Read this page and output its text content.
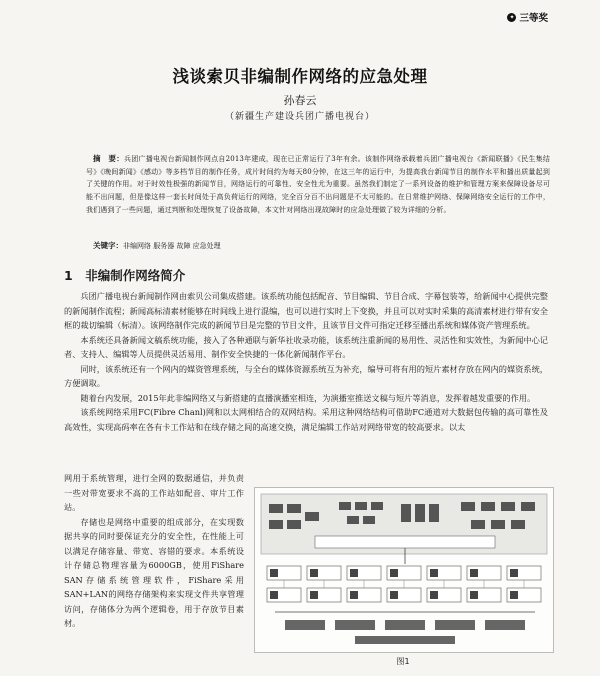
✦ 三等奖
浅谈索贝非编制作网络的应急处理
孙春云
（新疆生产建设兵团广播电视台）
摘　要：兵团广播电视台新闻制作网点自2013年建成，现在已正常运行了3年有余。该制作网络承载着兵团广播电视台《新闻联播》《民生集结号》《晚间新闻》《感动》等多档节目的制作任务，成片时间约为每天80分钟，在这三年的运行中，为提高我台新闻节目的制作水平和播出质量起到了关键的作用。对于时效性极强的新闻节目，网络运行的可靠性、安全性尤为重要。虽然我们制定了一系列设备的维护和管理方案来保障设备尽可能不出问题，但是像这样一套长时间处于高负荷运行的网络，完全百分百不出问题是不太可能的。在日常维护网络、保障网络安全运行的工作中，我们遇到了一些问题，通过判断和处理恢复了设备故障，本文针对网络出现故障时的应急处理做了较为详细的分析。
关键字：非编网络 服务器 故障 应急处理
1　非编制作网络简介

兵团广播电视台新闻制作网由索贝公司集成搭建。该系统功能包括配音、节目编辑、节目合成、字幕包装等，给新闻中心提供完整的新闻制作流程；新闻高标清素材能够在时间线上进行混编，也可以进行实时上下变换，并且可以对实时采集的高清素材进行带有安全框的裁切编辑（标清）。该网络制作完成的新闻节目是完整的节目文件，且该节目文件可指定迁移至播出系统和媒体资产管理系统。

本系统还具备新闻文稿系统功能，接入了各种通联与新华社收录功能，该系统注重新闻的易用性、灵活性和实效性，为新闻中心记者、支持人、编辑等人员提供灵活易用、制作安全快捷的一体化新闻制作平台。

同时，该系统还有一个网内的媒资管理系统，与全台的媒体资源系统互为补充，编导可将有用的短片素材存放在网内的媒资系统，方便调取。

随着台内发展，2015年此非编网络又与新搭建的直播演播室相连，为演播室推送文稿与短片等消息，发挥着越发重要的作用。

该系统网络采用FC(Fibre Chanl)网和以太网相结合的双网结构。采用这种网络结构可借助FC通道对大数据包传输的高可靠性及高效性，实现高码率在各有卡工作站和在线存储之间的高速交换，满足编辑工作站对网络带宽的较高要求。以太

网用于系统管理，进行全网的数据通信，并负责一些对带宽要求不高的工作站如配音、审片工作站。

存储也是网络中重要的组成部分，在实现数据共享的同时要保证充分的安全性，在性能上可以满足存储容量、带宽、容错的要求。本系统设计存储总物理容量为6000GB，使用FiShare SAN存储系统管理软件，FiShare采用SAN+LAN的网络存储架构来实现文件共享管理访问，存储体分为两个逻辑卷，用于存放节目素材。

图1
